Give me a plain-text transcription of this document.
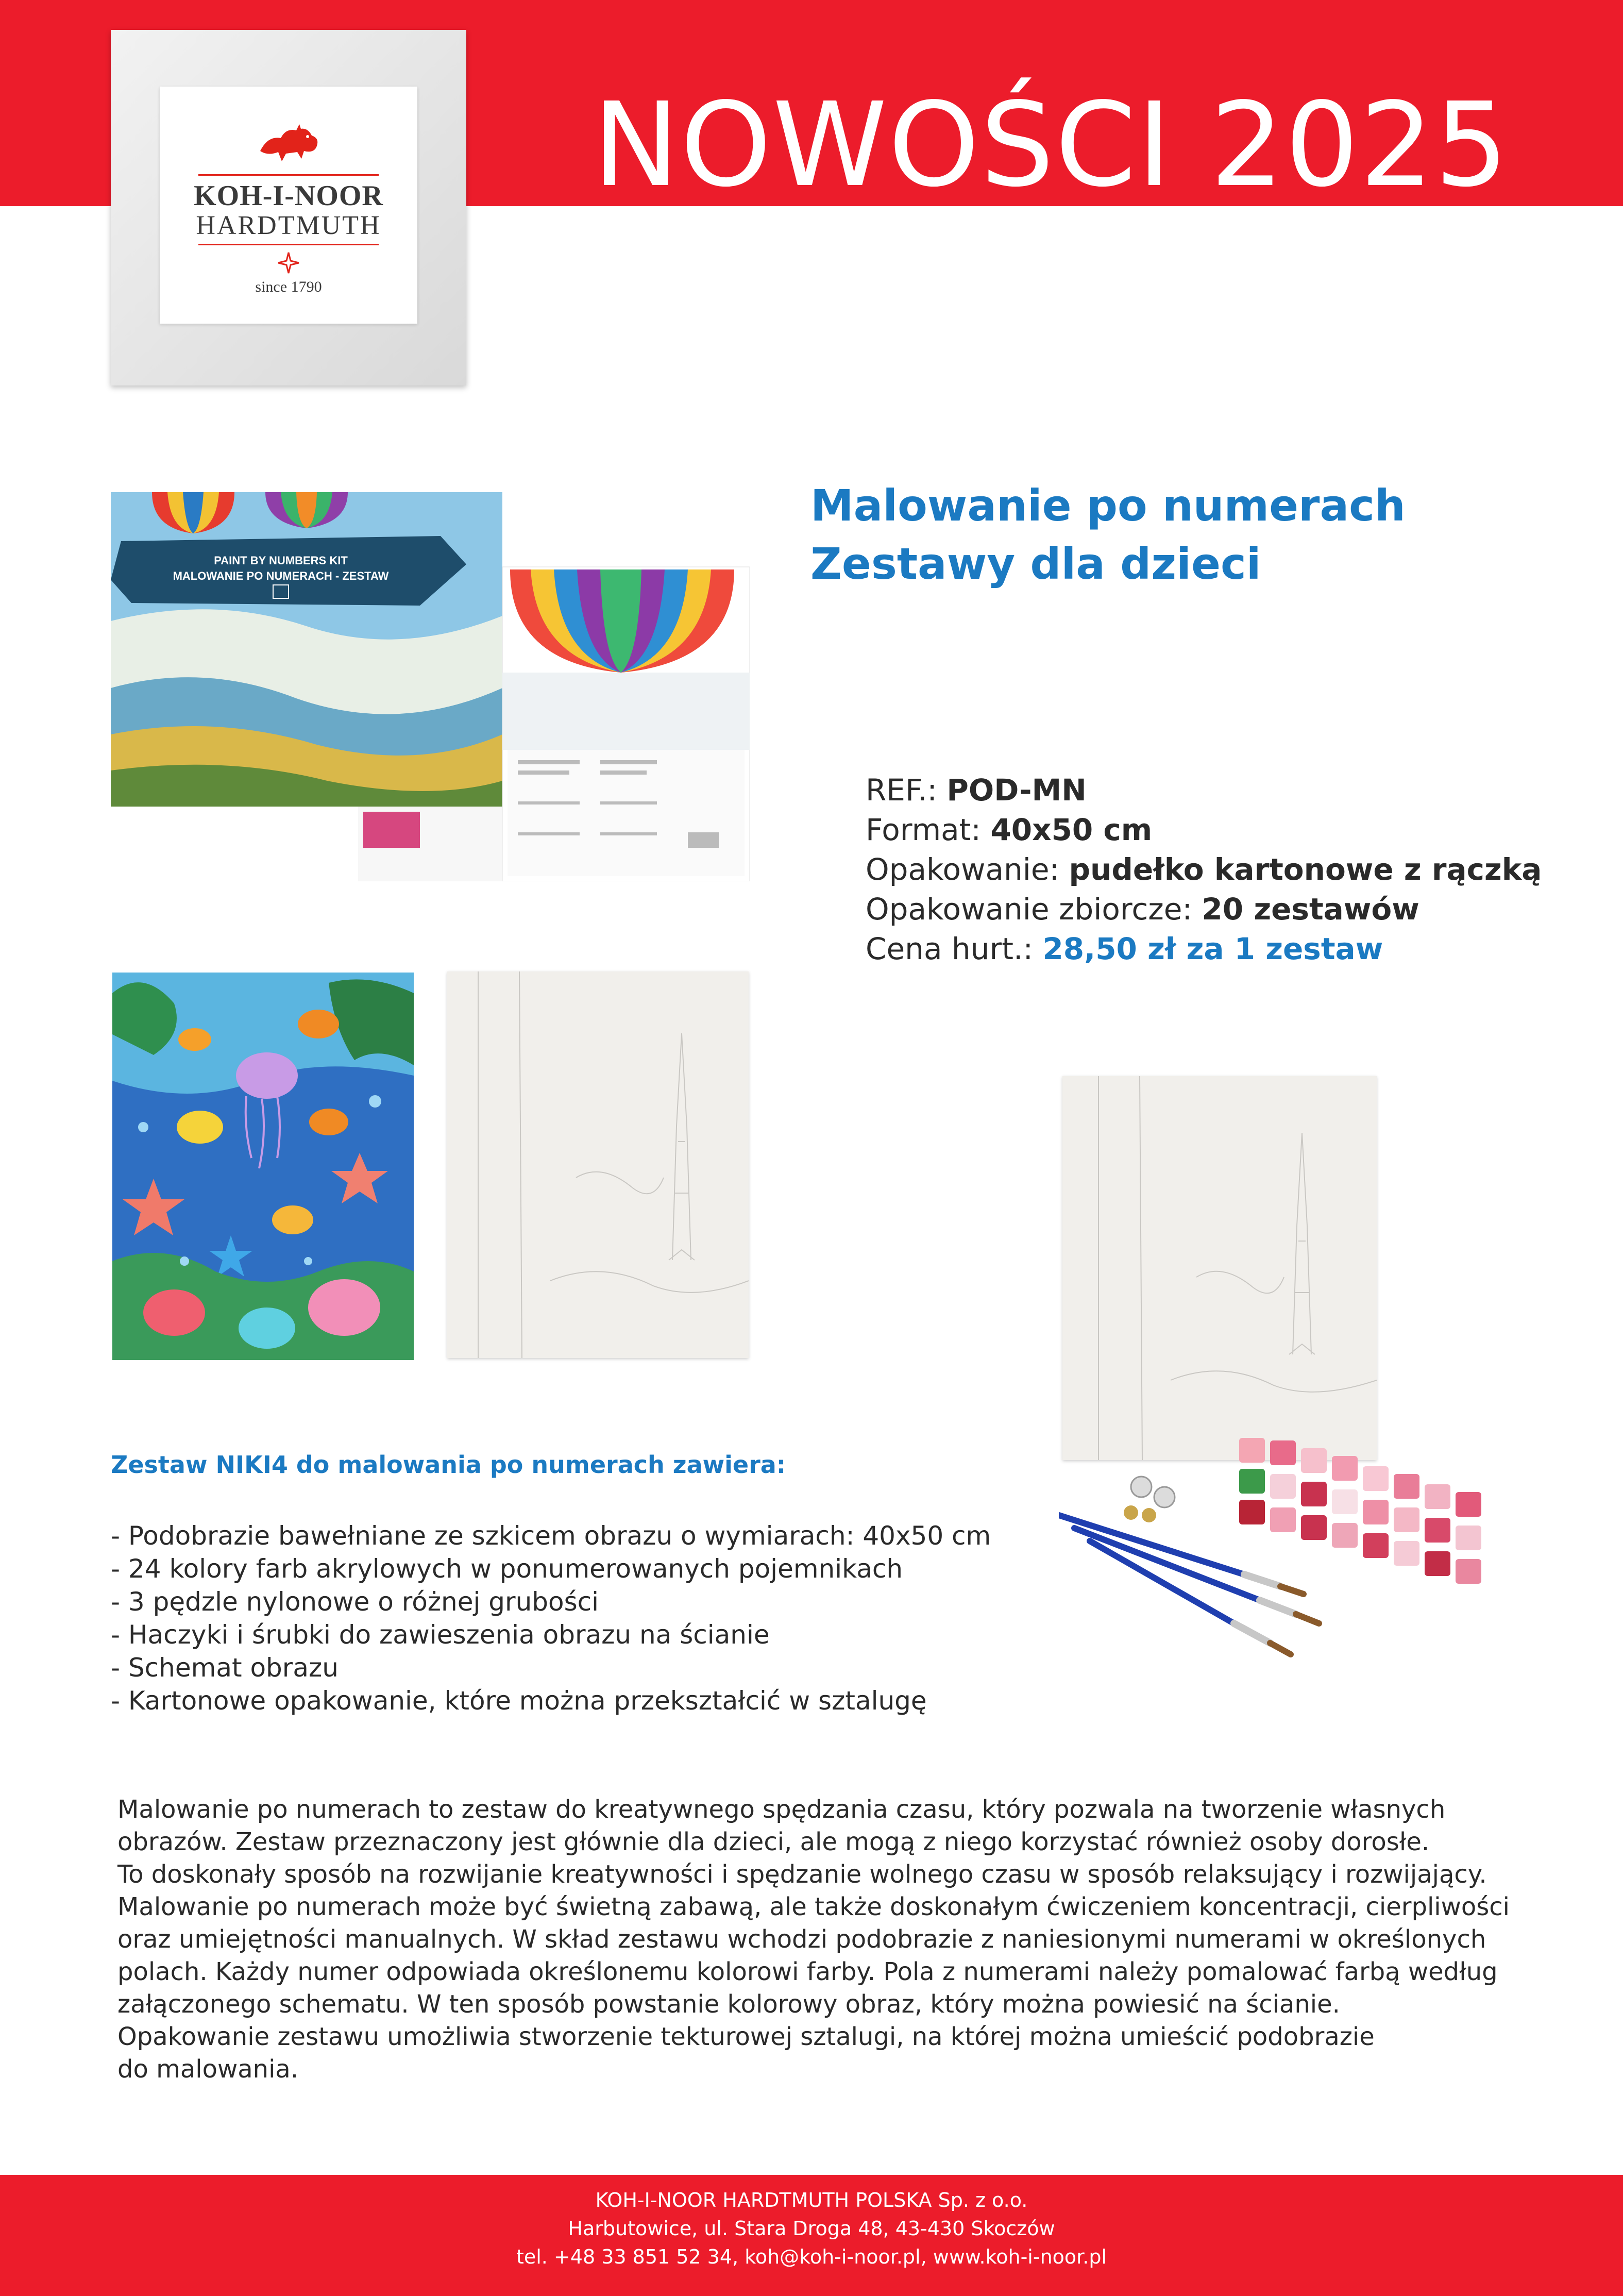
NOWOŚCI 2025
KOH-I-NOOR
HARDTMUTH
since 1790
PAINT BY NUMBERS KIT
MALOWANIE PO NUMERACH - ZESTAW
Malowanie po numerach
Zestawy dla dzieci
REF.: POD-MN
Format: 40x50 cm
Opakowanie: pudełko kartonowe z rączką
Opakowanie zbiorcze: 20 zestawów
Cena hurt.: 28,50 zł za 1 zestaw
Zestaw NIKI4 do malowania po numerach zawiera:
- Podobrazie bawełniane ze szkicem obrazu o wymiarach: 40x50 cm
- 24 kolory farb akrylowych w ponumerowanych pojemnikach
- 3 pędzle nylonowe o różnej grubości
- Haczyki i śrubki do zawieszenia obrazu na ścianie
- Schemat obrazu
- Kartonowe opakowanie, które można przekształcić w sztalugę

Malowanie po numerach to zestaw do kreatywnego spędzania czasu, który pozwala na tworzenie własnych

obrazów. Zestaw przeznaczony jest głównie dla dzieci, ale mogą z niego korzystać również osoby dorosłe.

To doskonały sposób na rozwijanie kreatywności i spędzanie wolnego czasu w sposób relaksujący i rozwijający.

Malowanie po numerach może być świetną zabawą, ale także doskonałym ćwiczeniem koncentracji, cierpliwości

oraz umiejętności manualnych. W skład zestawu wchodzi podobrazie z naniesionymi numerami w określonych

polach. Każdy numer odpowiada określonemu kolorowi farby. Pola z numerami należy pomalować farbą według

załączonego schematu. W ten sposób powstanie kolorowy obraz, który można powiesić na ścianie.

Opakowanie zestawu umożliwia stworzenie tekturowej sztalugi, na której można umieścić podobrazie

do malowania.

KOH-I-NOOR HARDTMUTH POLSKA Sp. z o.o.
Harbutowice, ul. Stara Droga 48, 43-430 Skoczów
tel. +48 33 851 52 34, koh@koh-i-noor.pl, www.koh-i-noor.pl
